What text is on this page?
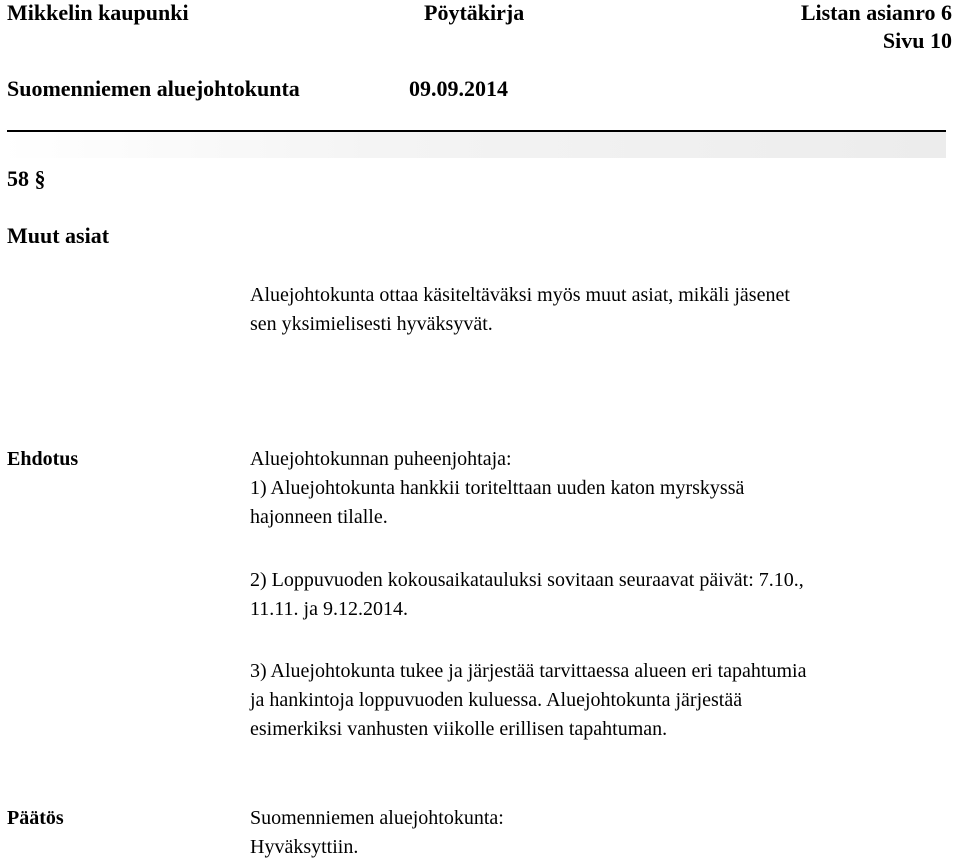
Mikkelin kaupunki	Pöytäkirja	Listan asianro 6
Sivu 10
Suomenniemen aluejohtokunta	09.09.2014
58 §
Muut asiat
Aluejohtokunta ottaa käsiteltäväksi myös muut asiat, mikäli jäsenet
sen yksimielisesti hyväksyvät.
Ehdotus	Aluejohtokunnan puheenjohtaja:
1) Aluejohtokunta hankkii toritelttaan uuden katon myrskyssä
hajonneen tilalle.
2) Loppuvuoden kokousaikatauluksi sovitaan seuraavat päivät: 7.10.,
11.11. ja 9.12.2014.
3) Aluejohtokunta tukee ja järjestää tarvittaessa alueen eri tapahtumia
ja hankintoja loppuvuoden kuluessa. Aluejohtokunta järjestää
esimerkiksi vanhusten viikolle erillisen tapahtuman.
Päätös	Suomenniemen aluejohtokunta:
Hyväksyttiin.
